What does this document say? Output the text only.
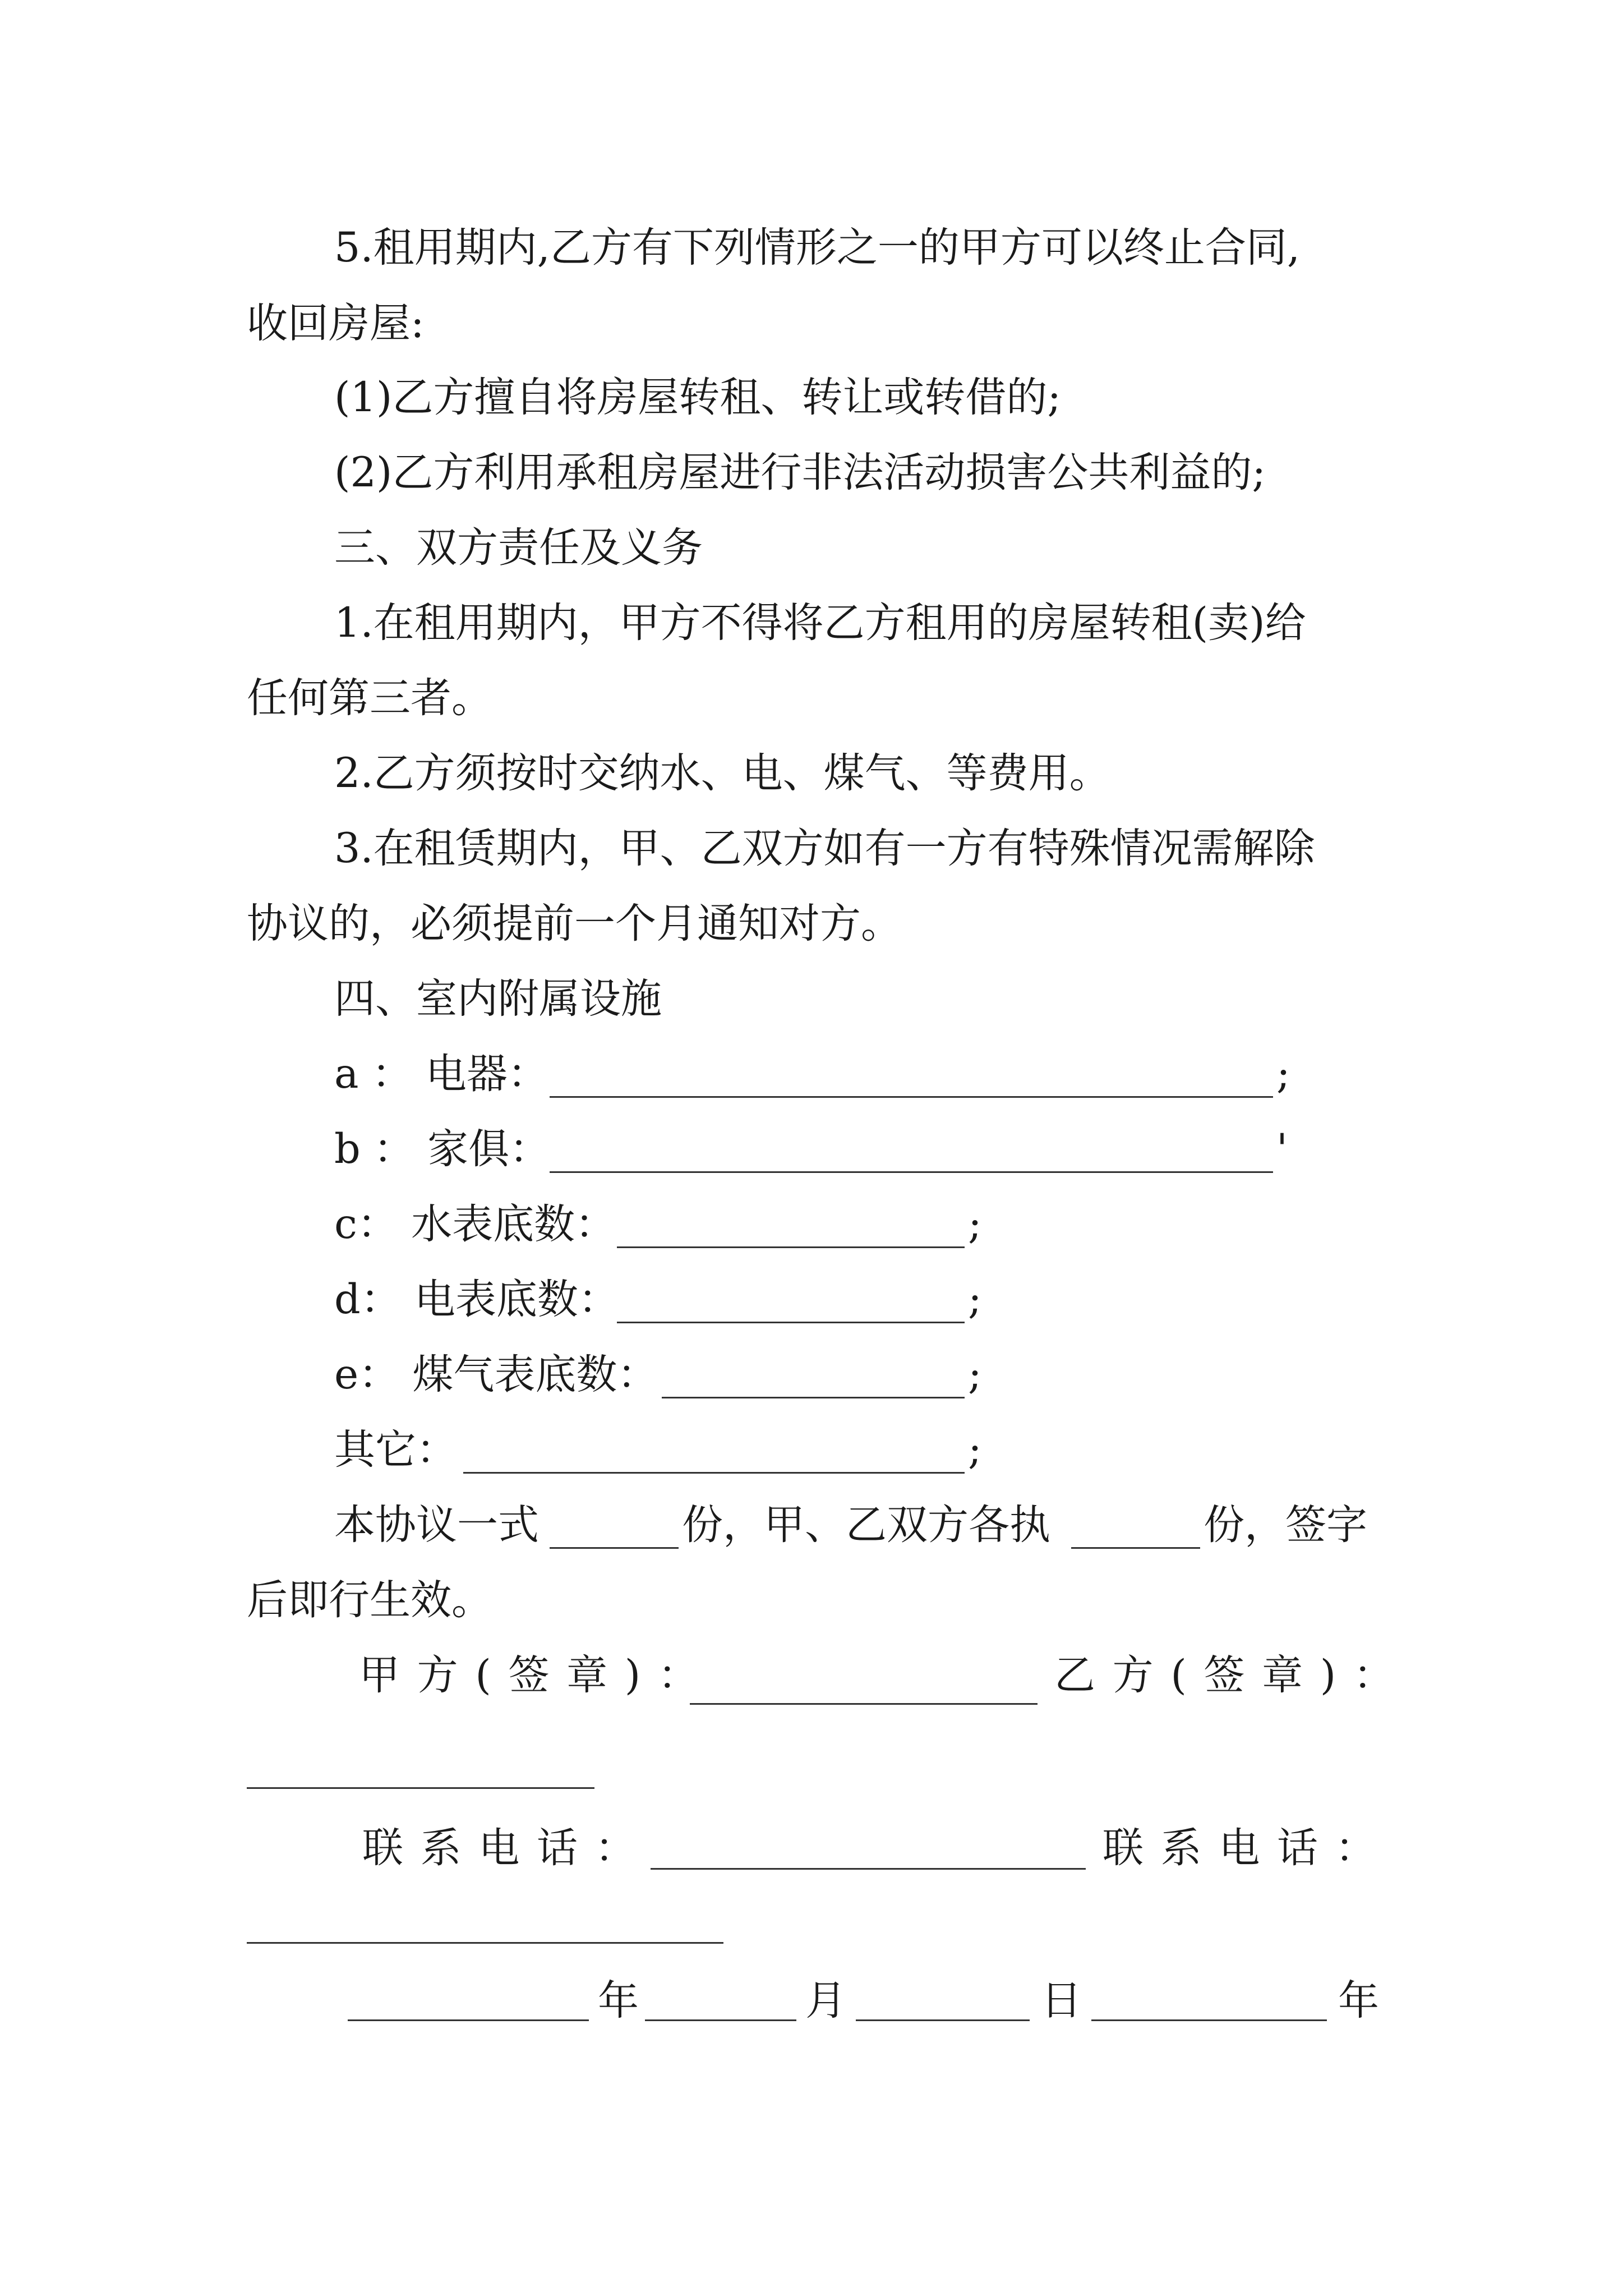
5.租用期内,乙方有下列情形之一的甲方可以终止合同,
收回房屋:
(1)乙方擅自将房屋转租、转让或转借的;
(2)乙方利用承租房屋进行非法活动损害公共利益的;
三、双方责任及义务
1.在租用期内，甲方不得将乙方租用的房屋转租(卖)给
任何第三者。
2.乙方须按时交纳水、电、煤气、等费用。
3.在租赁期内，甲、乙双方如有一方有特殊情况需解除
协议的，必须提前一个月通知对方。
四、室内附属设施
a ： 电器：	;
b ： 家俱：	'
c： 水表底数：	;
d： 电表底数：	;
e： 煤气表底数：	;
其它：	;
本协议一式	份，甲、乙双方各执	份，签字
后即行生效。
甲方(签章)：	乙方(签章)：
联系电话：	联系电话：
年	月	日	年
